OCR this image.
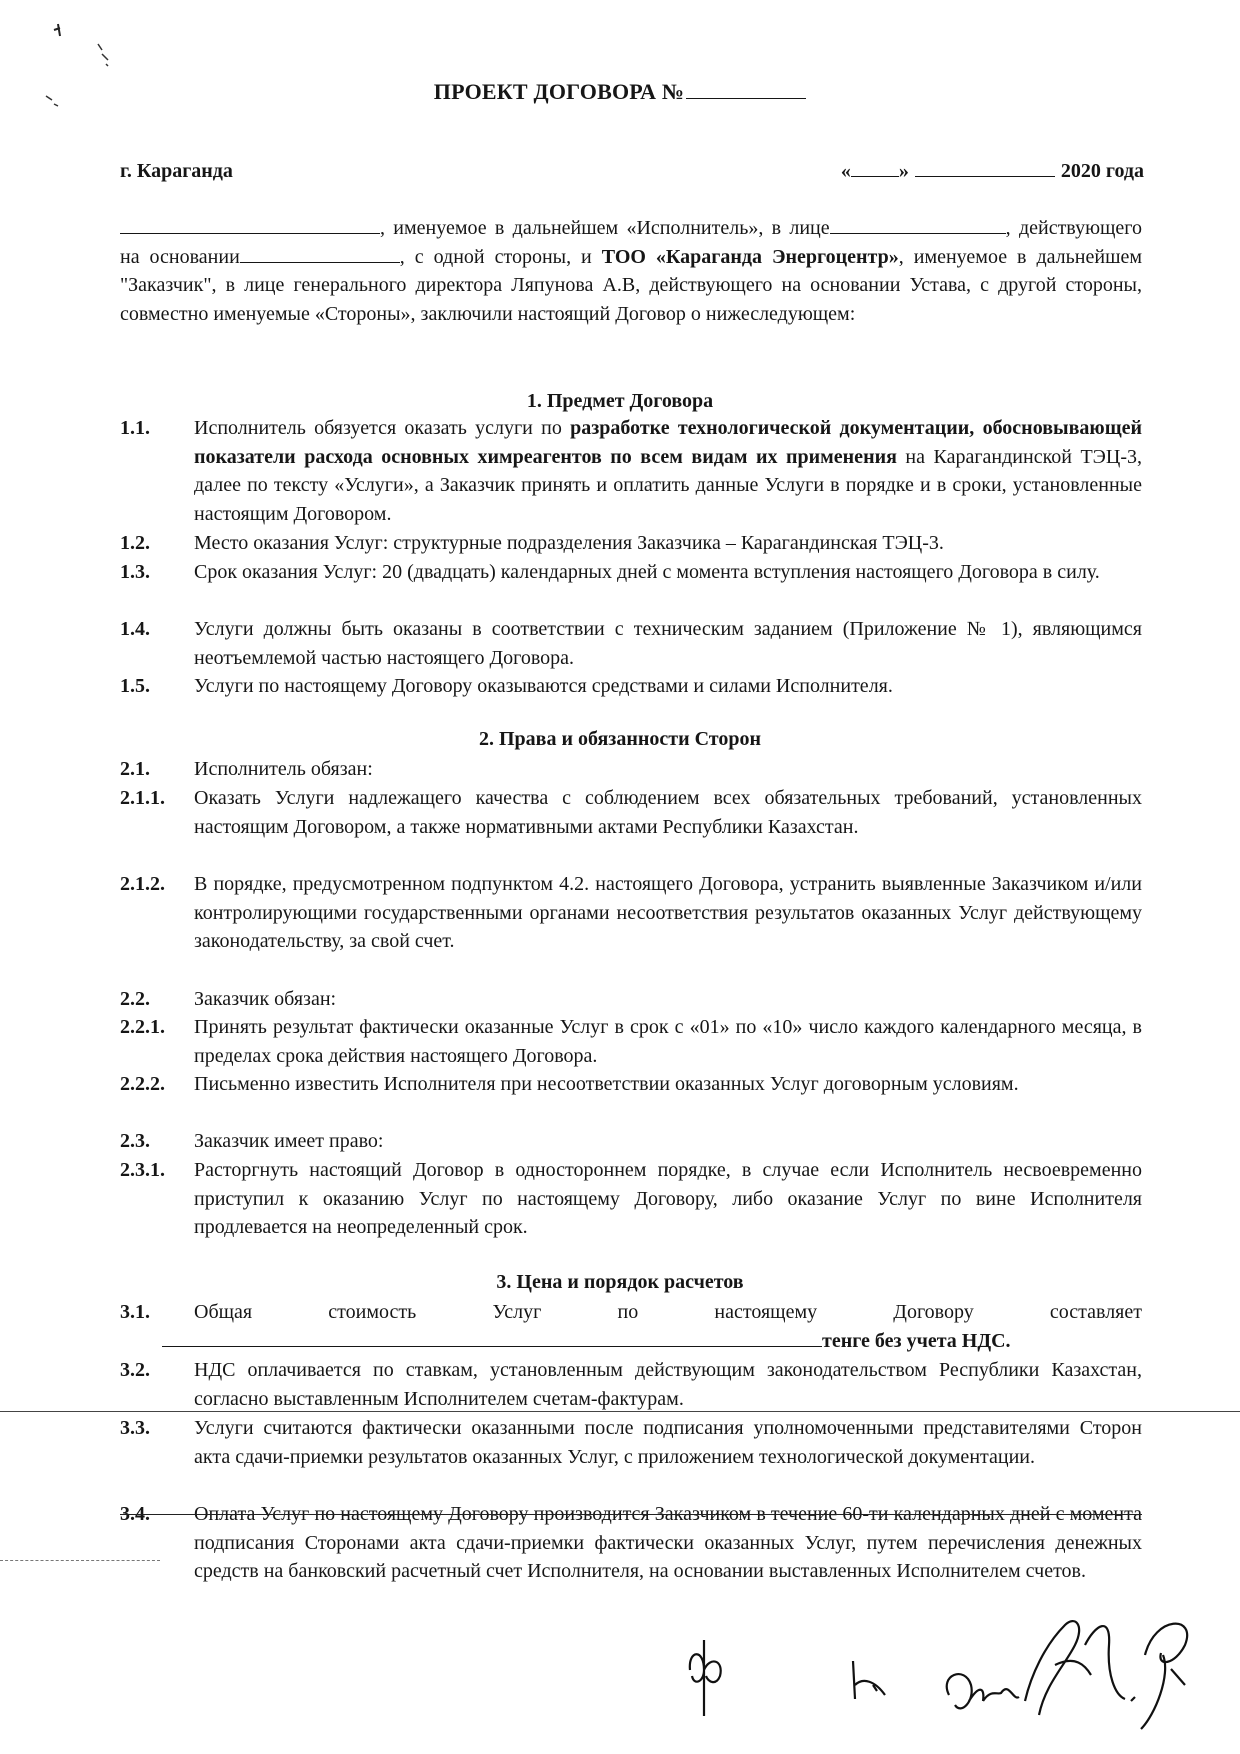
ПРОЕКТ ДОГОВОРА №
г. Караганда	« »	2020 года

, именуемое в дальнейшем «Исполнитель», в лице	, действующего на основании	, с одной стороны, и ТОО «Караганда Энергоцентр», именуемое в дальнейшем "Заказчик", в лице генерального директора Ляпунова А.В, действующего на основании Устава, с другой стороны, совместно именуемые «Стороны», заключили настоящий Договор о нижеследующем:

1. Предмет Договора
1.1. Исполнитель обязуется оказать услуги по разработке технологической документации, обосновывающей показатели расхода основных химреагентов по всем видам их применения на Карагандинской ТЭЦ-3, далее по тексту «Услуги», а Заказчик принять и оплатить данные Услуги в порядке и в сроки, установленные настоящим Договором.
1.2. Место оказания Услуг: структурные подразделения Заказчика – Карагандинская ТЭЦ-3.
1.3. Срок оказания Услуг: 20 (двадцать) календарных дней с момента вступления настоящего Договора в силу.
1.4. Услуги должны быть оказаны в соответствии с техническим заданием (Приложение № 1), являющимся неотъемлемой частью настоящего Договора.
1.5. Услуги по настоящему Договору оказываются средствами и силами Исполнителя.
2. Права и обязанности Сторон
2.1. Исполнитель обязан:
2.1.1. Оказать Услуги надлежащего качества с соблюдением всех обязательных требований, установленных настоящим Договором, а также нормативными актами Республики Казахстан.
2.1.2. В порядке, предусмотренном подпунктом 4.2. настоящего Договора, устранить выявленные Заказчиком и/или контролирующими государственными органами несоответствия результатов оказанных Услуг действующему законодательству, за свой счет.
2.2. Заказчик обязан:
2.2.1. Принять результат фактически оказанные Услуг в срок с «01» по «10» число каждого календарного месяца, в пределах срока действия настоящего Договора.
2.2.2. Письменно известить Исполнителя при несоответствии оказанных Услуг договорным условиям.
2.3. Заказчик имеет право:
2.3.1. Расторгнуть настоящий Договор в одностороннем порядке, в случае если Исполнитель несвоевременно приступил к оказанию Услуг по настоящему Договору, либо оказание Услуг по вине Исполнителя продлевается на неопределенный срок.
3. Цена и порядок расчетов
3.1. Общая стоимость Услуг по настоящему Договору составляет
тенге без учета НДС.
3.2. НДС оплачивается по ставкам, установленным действующим законодательством Республики Казахстан, согласно выставленным Исполнителем счетам-фактурам.
3.3. Услуги считаются фактически оказанными после подписания уполномоченными представителями Сторон акта сдачи-приемки результатов оказанных Услуг, с приложением технологической документации.
3.4. Оплата Услуг по настоящему Договору производится Заказчиком в течение 60-ти календарных дней с момента подписания Сторонами акта сдачи-приемки фактически оказанных Услуг, путем перечисления денежных средств на банковский расчетный счет Исполнителя, на основании выставленных Исполнителем счетов.
